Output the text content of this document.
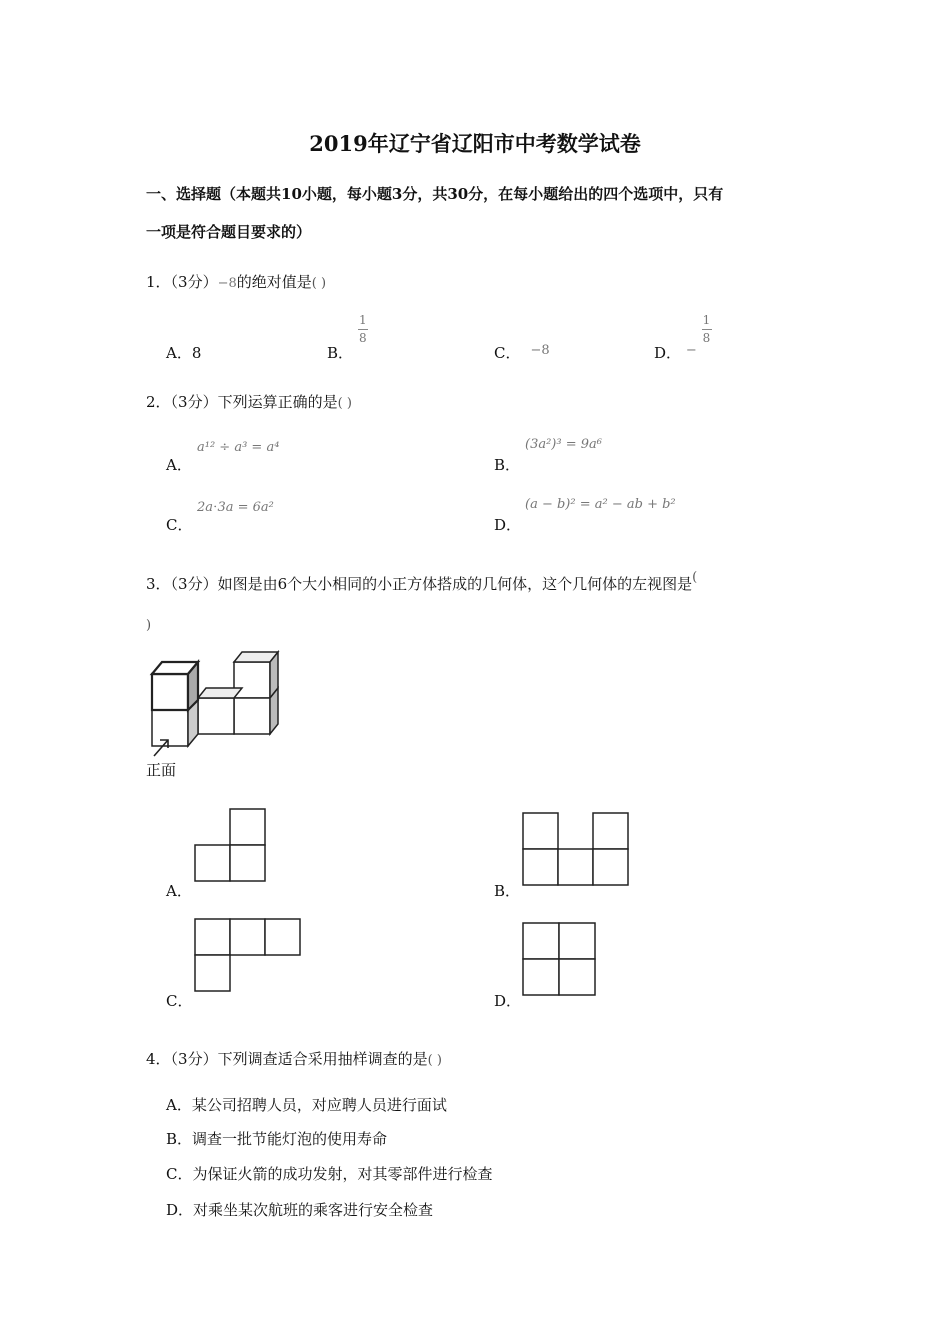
2019年辽宁省辽阳市中考数学试卷
一、选择题（本题共10小题，每小题3分，共30分，在每小题给出的四个选项中，只有
一项是符合题目要求的）
1．（3分）−8的绝对值是( )
A．8	B． $\frac{1}{8}$
C． −8	D． − $\frac{1}{8}$
2．（3分）下列运算正确的是( )
A．
a¹² ÷ a³ = a⁴
B．
(3a²)³ = 9a⁶
C．
2a⋅3a = 6a²
D．
(a − b)² = a² − ab + b²
3．（3分）如图是由6个大小相同的小正方体搭成的几何体，这个几何体的左视图是(
)
正面
A．	B．
C．	D．
4．（3分）下列调查适合采用抽样调查的是( )
A．某公司招聘人员，对应聘人员进行面试
B．调查一批节能灯泡的使用寿命
C．为保证火箭的成功发射，对其零部件进行检查
D．对乘坐某次航班的乘客进行安全检查
